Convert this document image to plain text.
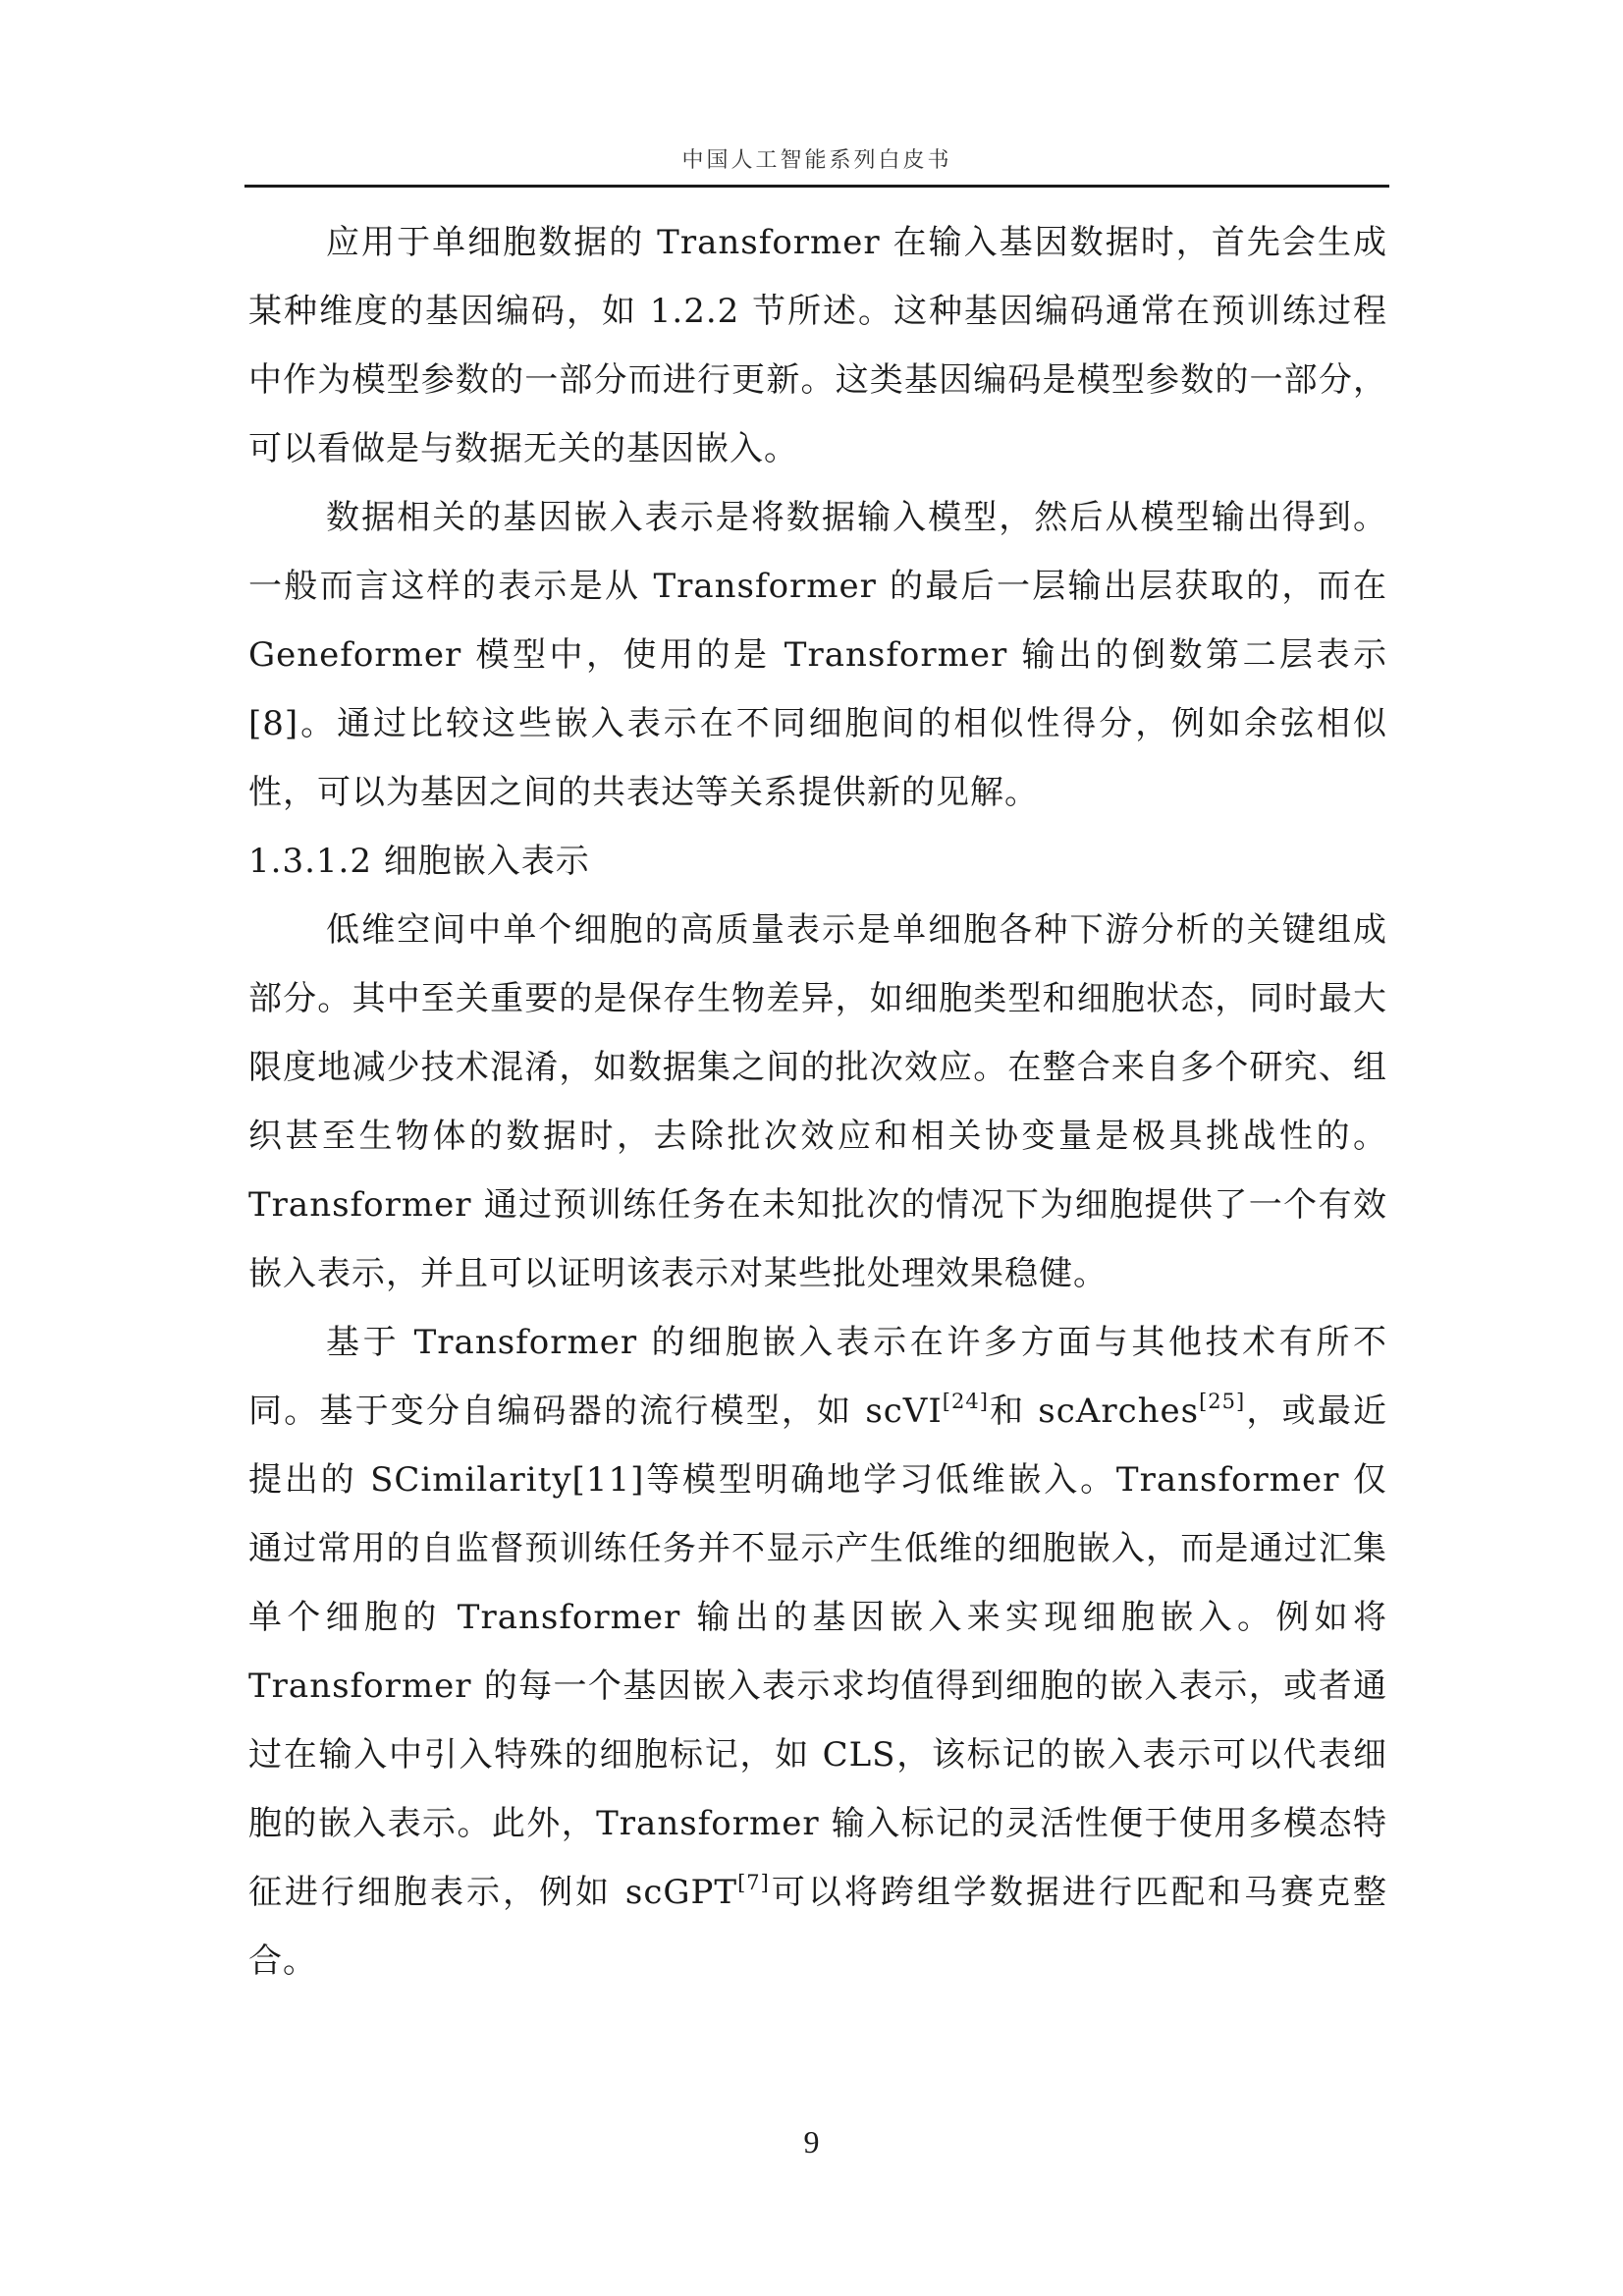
中国人工智能系列白皮书

应用于单细胞数据的 Transformer 在输入基因数据时，首先会生成某种维度的基因编码，如 1.2.2 节所述。这种基因编码通常在预训练过程中作为模型参数的一部分而进行更新。这类基因编码是模型参数的一部分，可以看做是与数据无关的基因嵌入。

数据相关的基因嵌入表示是将数据输入模型，然后从模型输出得到。一般而言这样的表示是从 Transformer 的最后一层输出层获取的，而在 Geneformer 模型中，使用的是 Transformer 输出的倒数第二层表示[8]。通过比较这些嵌入表示在不同细胞间的相似性得分，例如余弦相似性，可以为基因之间的共表达等关系提供新的见解。

1.3.1.2 细胞嵌入表示

低维空间中单个细胞的高质量表示是单细胞各种下游分析的关键组成部分。其中至关重要的是保存生物差异，如细胞类型和细胞状态，同时最大限度地减少技术混淆，如数据集之间的批次效应。在整合来自多个研究、组织甚至生物体的数据时，去除批次效应和相关协变量是极具挑战性的。Transformer 通过预训练任务在未知批次的情况下为细胞提供了一个有效嵌入表示，并且可以证明该表示对某些批处理效果稳健。

基于 Transformer 的细胞嵌入表示在许多方面与其他技术有所不同。基于变分自编码器的流行模型，如 scVI[24]和 scArches[25]，或最近提出的 SCimilarity[11]等模型明确地学习低维嵌入。Transformer 仅通过常用的自监督预训练任务并不显示产生低维的细胞嵌入，而是通过汇集单个细胞的 Transformer 输出的基因嵌入来实现细胞嵌入。例如将 Transformer 的每一个基因嵌入表示求均值得到细胞的嵌入表示，或者通过在输入中引入特殊的细胞标记，如 CLS，该标记的嵌入表示可以代表细胞的嵌入表示。此外，Transformer 输入标记的灵活性便于使用多模态特征进行细胞表示，例如 scGPT[7]可以将跨组学数据进行匹配和马赛克整合。

9
